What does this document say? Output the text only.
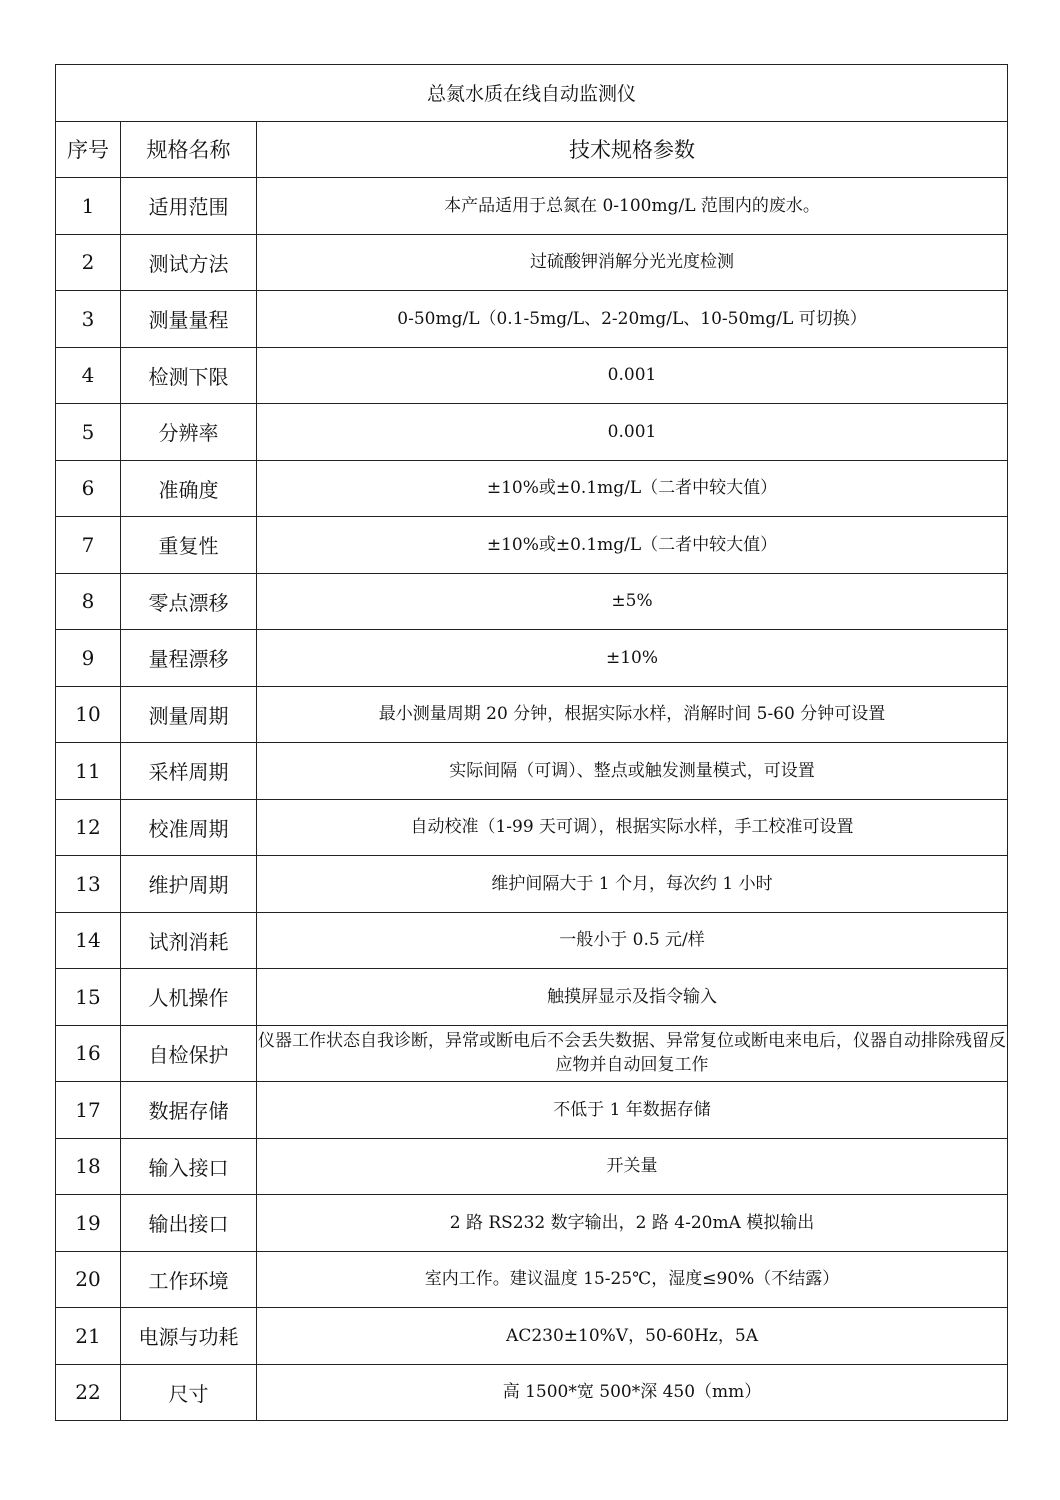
总氮水质在线自动监测仪		
序号	规格名称	技术规格参数
1	适用范围	本产品适用于总氮在 0-100mg/L 范围内的废水。
2	测试方法	过硫酸钾消解分光光度检测
3	测量量程	0-50mg/L（0.1-5mg/L、2-20mg/L、10-50mg/L 可切换）
4	检测下限	0.001
5	分辨率	0.001
6	准确度	±10%或±0.1mg/L（二者中较大值）
7	重复性	±10%或±0.1mg/L（二者中较大值）
8	零点漂移	±5%
9	量程漂移	±10%
10	测量周期	最小测量周期 20 分钟，根据实际水样，消解时间 5-60 分钟可设置
11	采样周期	实际间隔（可调）、整点或触发测量模式，可设置
12	校准周期	自动校准（1-99 天可调），根据实际水样，手工校准可设置
13	维护周期	维护间隔大于 1 个月，每次约 1 小时
14	试剂消耗	一般小于 0.5 元/样
15	人机操作	触摸屏显示及指令输入
16	自检保护	仪器工作状态自我诊断，异常或断电后不会丢失数据、异常复位或断电来电后，仪器自动排除残留反应物并自动回复工作
17	数据存储	不低于 1 年数据存储
18	输入接口	开关量
19	输出接口	2 路 RS232 数字输出，2 路 4-20mA 模拟输出
20	工作环境	室内工作。建议温度 15-25℃，湿度≤90%（不结露）
21	电源与功耗	AC230±10%V，50-60Hz，5A
22	尺寸	高 1500*宽 500*深 450（mm）
